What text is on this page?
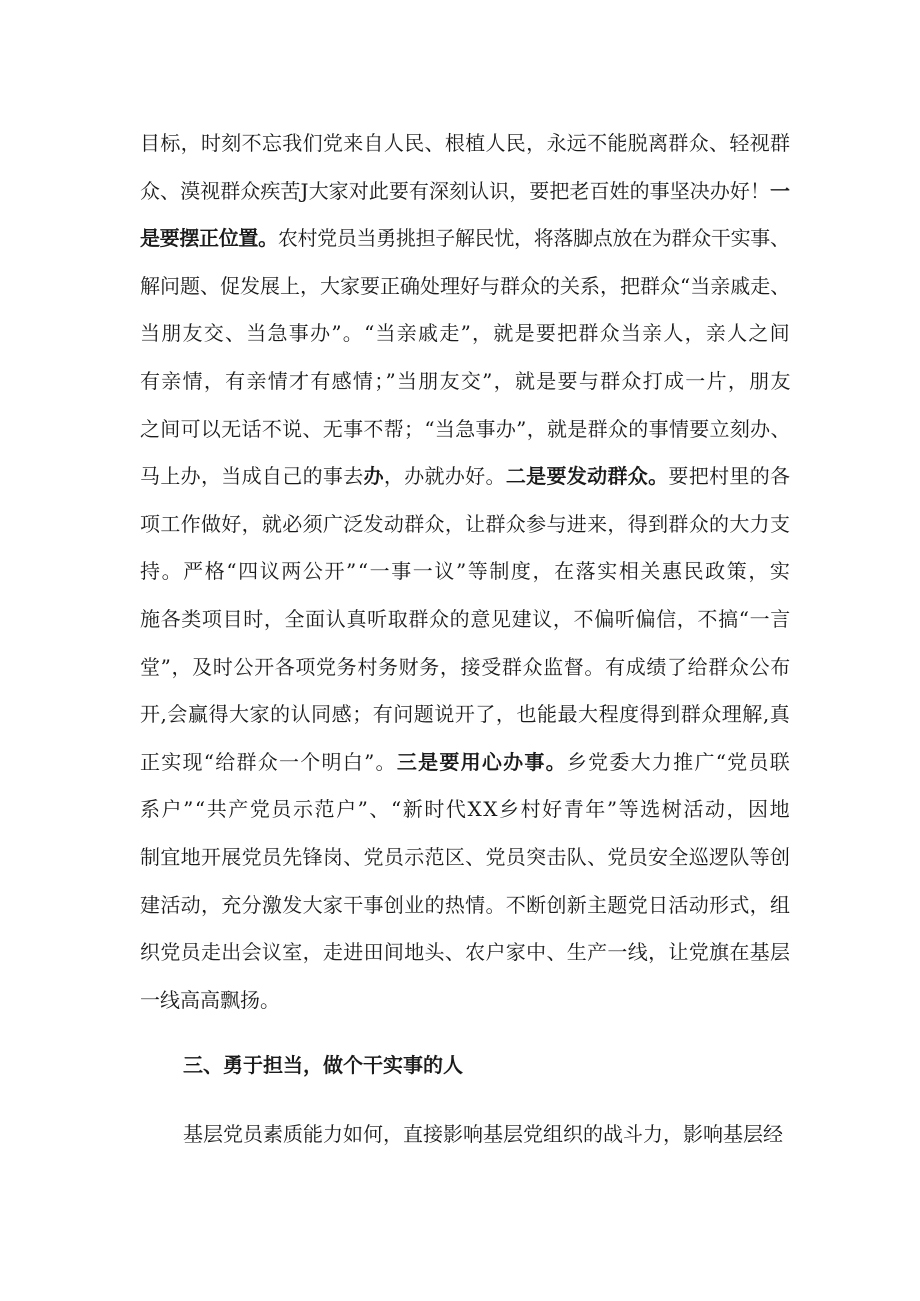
目标，时刻不忘我们党来自人民、根植人民，永远不能脱离群众、轻视群
众、漠视群众疾苦J大家对此要有深刻认识，要把老百姓的事坚决办好！一
是要摆正位置。农村党员当勇挑担子解民忧，将落脚点放在为群众干实事、
解问题、促发展上，大家要正确处理好与群众的关系，把群众“当亲戚走、
当朋友交、当急事办”。“当亲戚走”，就是要把群众当亲人，亲人之间
有亲情，有亲情才有感情；”当朋友交”，就是要与群众打成一片，朋友
之间可以无话不说、无事不帮；“当急事办”，就是群众的事情要立刻办、
马上办，当成自己的事去办，办就办好。二是要发动群众。要把村里的各
项工作做好，就必须广泛发动群众，让群众参与进来，得到群众的大力支
持。严格“四议两公开”“一事一议”等制度，在落实相关惠民政策，实
施各类项目时，全面认真听取群众的意见建议，不偏听偏信，不搞“一言
堂”，及时公开各项党务村务财务，接受群众监督。有成绩了给群众公布
开,会赢得大家的认同感；有问题说开了，也能最大程度得到群众理解,真
正实现“给群众一个明白”。三是要用心办事。乡党委大力推广“党员联
系户”“共产党员示范户”、“新时代XX乡村好青年”等选树活动，因地
制宜地开展党员先锋岗、党员示范区、党员突击队、党员安全巡逻队等创
建活动，充分激发大家干事创业的热情。不断创新主题党日活动形式，组
织党员走出会议室，走进田间地头、农户家中、生产一线，让党旗在基层
一线高高飘扬。
三、勇于担当，做个干实事的人
基层党员素质能力如何，直接影响基层党组织的战斗力，影响基层经
